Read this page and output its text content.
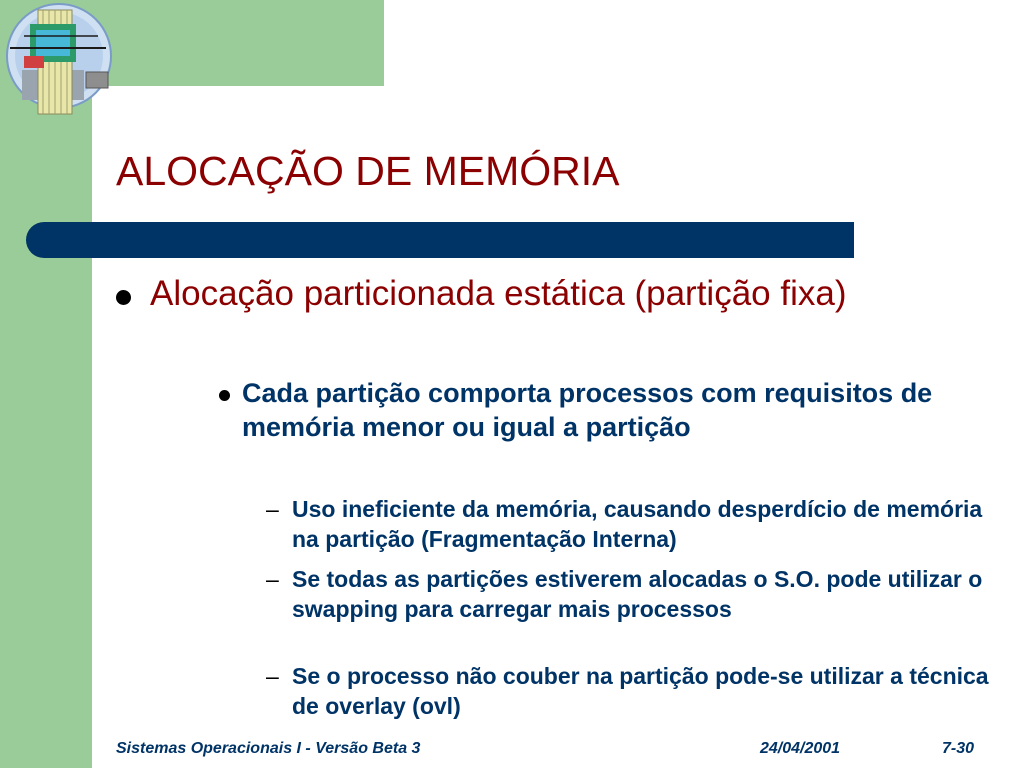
ALOCAÇÃO DE MEMÓRIA
Alocação particionada estática (partição fixa)
Cada partição comporta processos com requisitos de memória menor ou igual a partição
– Uso ineficiente da memória, causando desperdício de memória na partição (Fragmentação Interna)
– Se todas as partições estiverem alocadas o S.O. pode utilizar o swapping para carregar mais processos
– Se o processo não couber na partição pode-se utilizar a técnica de overlay (ovl)
Sistemas Operacionais I - Versão Beta 3	24/04/2001	7-30
